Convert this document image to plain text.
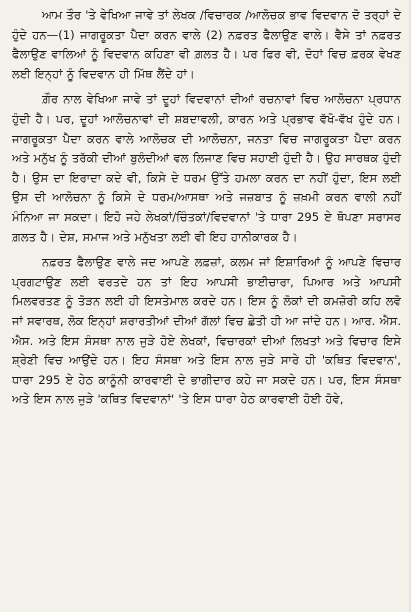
ਆਮ ਤੌਰ 'ਤੇ ਵੇਖਿਆ ਜਾਵੇ ਤਾਂ ਲੇਖਕ /ਵਿਚਾਰਕ /ਆਲੋਚਕ ਭਾਵ ਵਿਦਵਾਨ ਦੋ ਤਰ੍ਹਾਂ ਦੇ ਹੁੰਦੇ ਹਨ—(1) ਜਾਗਰੂਕਤਾ ਪੈਦਾ ਕਰਨ ਵਾਲੇ (2) ਨਫ਼ਰਤ ਫੈਲਾਉਣ ਵਾਲੇ। ਵੈਸੇ ਤਾਂ ਨਫ਼ਰਤ ਫੈਲਾਉਣ ਵਾਲਿਆਂ ਨੂੰ ਵਿਦਵਾਨ ਕਹਿਣਾ ਵੀ ਗ਼ਲਤ ਹੈ। ਪਰ ਫਿਰ ਵੀ, ਦੋਹਾਂ ਵਿਚ ਫ਼ਰਕ ਵੇਖਣ ਲਈ ਇਨ੍ਹਾਂ ਨੂੰ ਵਿਦਵਾਨ ਹੀ ਮਿੱਥ ਲੈਂਦੇ ਹਾਂ।

ਗ਼ੌਰ ਨਾਲ ਵੇਖਿਆ ਜਾਵੇ ਤਾਂ ਦੂਹਾਂ ਵਿਦਵਾਨਾਂ ਦੀਆਂ ਰਚਨਾਵਾਂ ਵਿਚ ਆਲੋਚਨਾ ਪ੍ਰਧਾਨ ਹੁੰਦੀ ਹੈ। ਪਰ, ਦੂਹਾਂ ਆਲੋਚਨਾਵਾਂ ਦੀ ਸ਼ਬਦਾਵਲੀ, ਕਾਰਨ ਅਤੇ ਪ੍ਰਭਾਵ ਵੱਖੋ-ਵੱਖ ਹੁੰਦੇ ਹਨ। ਜਾਗਰੂਕਤਾ ਪੈਦਾ ਕਰਨ ਵਾਲੇ ਆਲੋਚਕ ਦੀ ਆਲੋਚਨਾ, ਜਨਤਾ ਵਿਚ ਜਾਗਰੂਕਤਾ ਪੈਦਾ ਕਰਨ ਅਤੇ ਮਨੁੱਖ ਨੂੰ ਤਰੱਕੀ ਦੀਆਂ ਬੁਲੰਦੀਆਂ ਵਲ ਲਿਜਾਣ ਵਿਚ ਸਹਾਈ ਹੁੰਦੀ ਹੈ। ਉਹ ਸਾਰਥਕ ਹੁੰਦੀ ਹੈ। ਉਸ ਦਾ ਇਰਾਦਾ ਕਦੇ ਵੀ, ਕਿਸੇ ਦੇ ਧਰਮ ਉੱਤੇ ਹਮਲਾ ਕਰਨ ਦਾ ਨਹੀਂ ਹੁੰਦਾ, ਇਸ ਲਈ ਉਸ ਦੀ ਆਲੋਚਨਾ ਨੂੰ ਕਿਸੇ ਦੇ ਧਰਮ/ਆਸਥਾ ਅਤੇ ਜਜ਼ਬਾਤ ਨੂੰ ਜ਼ਖ਼ਮੀ ਕਰਨ ਵਾਲੀ ਨਹੀਂ ਮੰਨਿਆ ਜਾ ਸਕਦਾ। ਇਹੋ ਜਹੇ ਲੇਖਕਾਂ/ਚਿੰਤਕਾਂ/ਵਿਦਵਾਨਾਂ 'ਤੇ ਧਾਰਾ 295 ਏ ਥੋਪਣਾ ਸਰਾਸਰ ਗ਼ਲਤ ਹੈ। ਦੇਸ਼, ਸਮਾਜ ਅਤੇ ਮਨੁੱਖਤਾ ਲਈ ਵੀ ਇਹ ਹਾਨੀਕਾਰਕ ਹੈ।

ਨਫ਼ਰਤ ਫੈਲਾਉਣ ਵਾਲੇ ਜਦ ਆਪਣੇ ਲਫ਼ਜ਼ਾਂ, ਕਲਮ ਜਾਂ ਇਸ਼ਾਰਿਆਂ ਨੂੰ ਆਪਣੇ ਵਿਚਾਰ ਪ੍ਰਗਟਾਉਣ ਲਈ ਵਰਤਦੇ ਹਨ ਤਾਂ ਇਹ ਆਪਸੀ ਭਾਈਚਾਰਾ, ਪਿਆਰ ਅਤੇ ਆਪਸੀ ਮਿਲਵਰਤਣ ਨੂੰ ਤੋੜਨ ਲਈ ਹੀ ਇਸਤੇਮਾਲ ਕਰਦੇ ਹਨ। ਇਸ ਨੂੰ ਲੋਕਾਂ ਦੀ ਕਮਜ਼ੋਰੀ ਕਹਿ ਲਵੋ ਜਾਂ ਸਵਾਰਥ, ਲੋਕ ਇਨ੍ਹਾਂ ਸ਼ਰਾਰਤੀਆਂ ਦੀਆਂ ਗੱਲਾਂ ਵਿਚ ਛੇਤੀ ਹੀ ਆ ਜਾਂਦੇ ਹਨ। ਆਰ. ਐਸ. ਐਸ. ਅਤੇ ਇਸ ਸੰਸਥਾ ਨਾਲ ਜੁੜੇ ਹੋਏ ਲੇਖਕਾਂ, ਵਿਚਾਰਕਾਂ ਦੀਆਂ ਲਿਖਤਾਂ ਅਤੇ ਵਿਚਾਰ ਇਸੇ ਸ਼੍ਰੇਣੀ ਵਿਚ ਆਉਂਦੇ ਹਨ। ਇਹ ਸੰਸਥਾ ਅਤੇ ਇਸ ਨਾਲ ਜੁੜੇ ਸਾਰੇ ਹੀ 'ਕਥਿਤ ਵਿਦਵਾਨ', ਧਾਰਾ 295 ਏ ਹੇਠ ਕਾਨੂੰਨੀ ਕਾਰਵਾਈ ਦੇ ਭਾਗੀਦਾਰ ਕਹੇ ਜਾ ਸਕਦੇ ਹਨ। ਪਰ, ਇਸ ਸੰਸਥਾ ਅਤੇ ਇਸ ਨਾਲ ਜੁੜੇ 'ਕਥਿਤ ਵਿਦਵਾਨਾਂ' 'ਤੇ ਇਸ ਧਾਰਾ ਹੇਠ ਕਾਰਵਾਈ ਹੋਈ ਹੋਵੇ,
